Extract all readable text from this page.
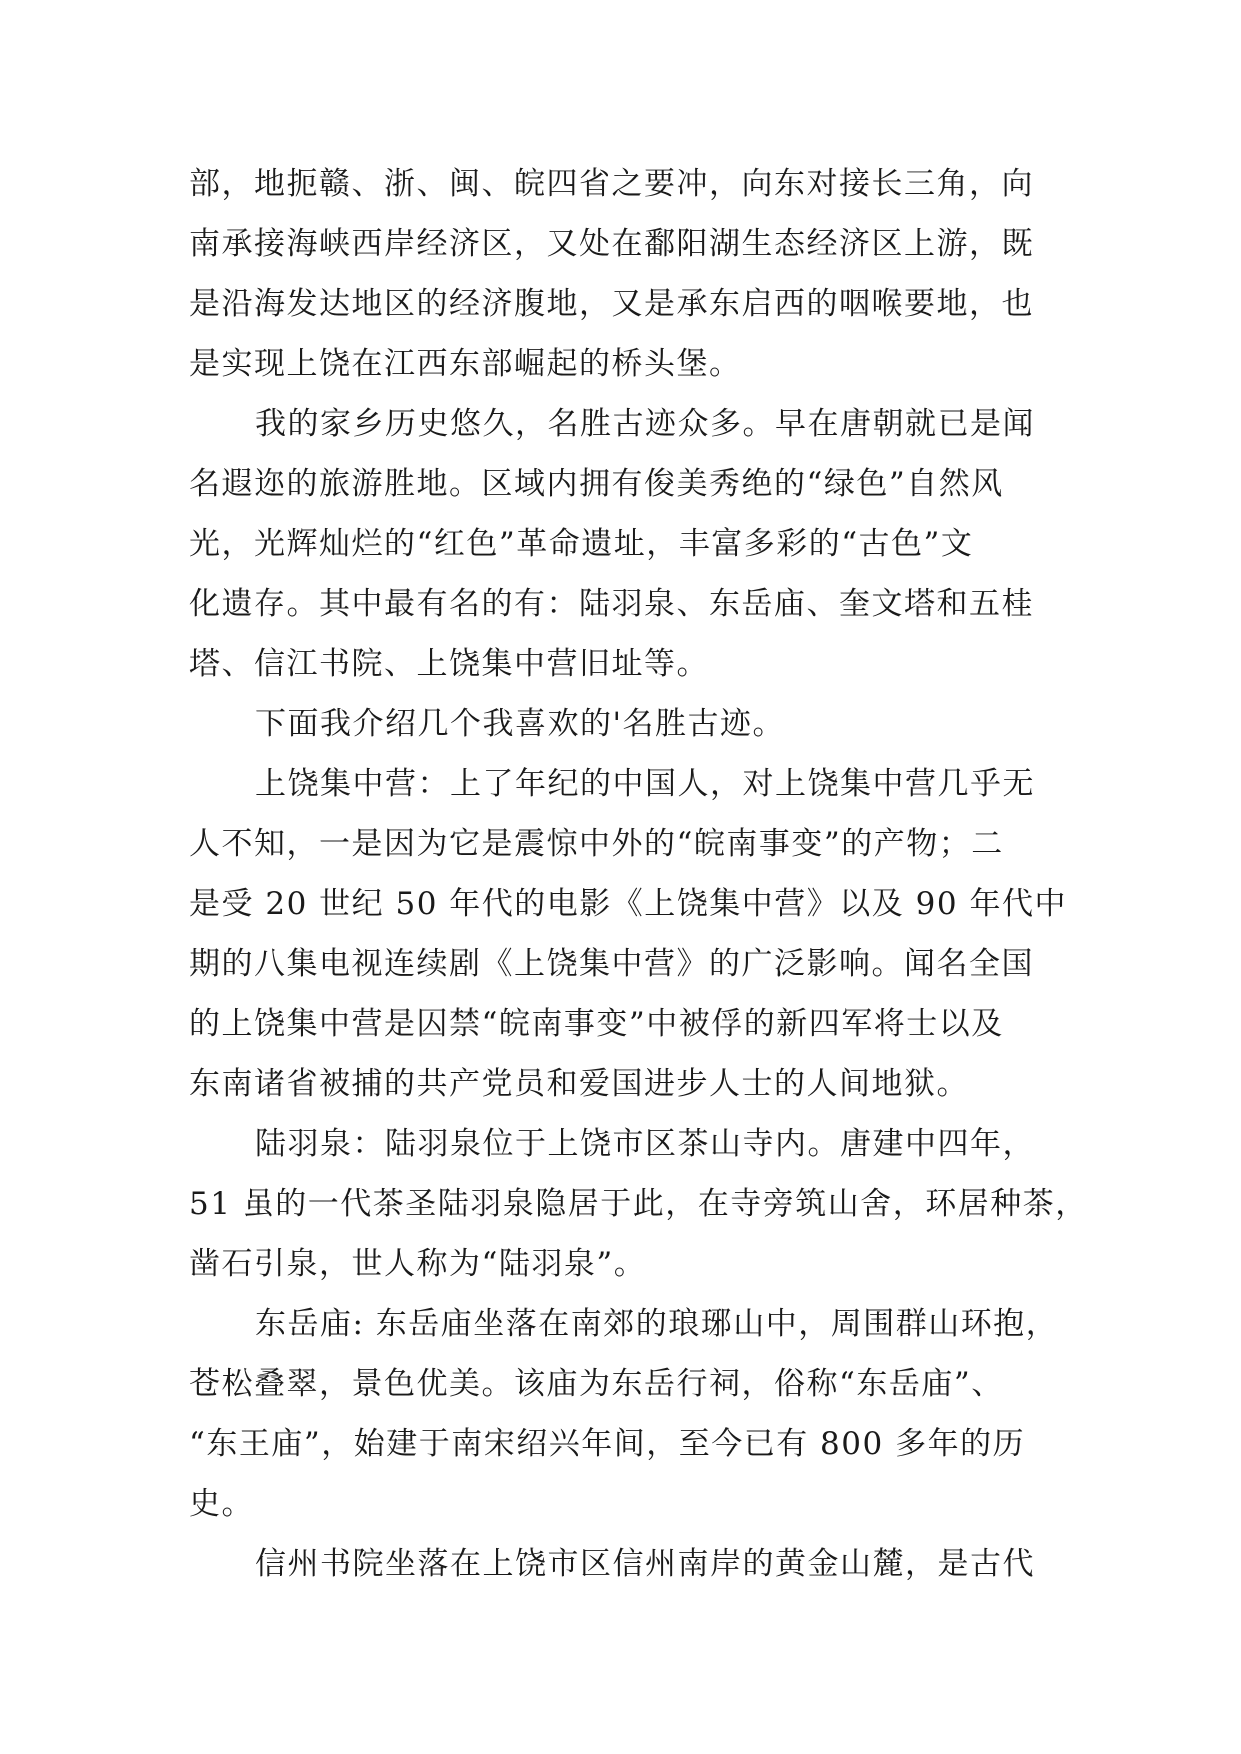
部，地扼赣、浙、闽、皖四省之要冲，向东对接长三角，向
南承接海峡西岸经济区，又处在鄱阳湖生态经济区上游，既
是沿海发达地区的经济腹地，又是承东启西的咽喉要地，也
是实现上饶在江西东部崛起的桥头堡。
我的家乡历史悠久，名胜古迹众多。早在唐朝就已是闻
名遐迩的旅游胜地。区域内拥有俊美秀绝的“绿色”自然风
光，光辉灿烂的“红色”革命遗址，丰富多彩的“古色”文
化遗存。其中最有名的有：陆羽泉、东岳庙、奎文塔和五桂
塔、信江书院、上饶集中营旧址等。
下面我介绍几个我喜欢的'名胜古迹。
上饶集中营：上了年纪的中国人，对上饶集中营几乎无
人不知，一是因为它是震惊中外的“皖南事变”的产物；二
是受 20 世纪 50 年代的电影《上饶集中营》以及 90 年代中
期的八集电视连续剧《上饶集中营》的广泛影响。闻名全国
的上饶集中营是囚禁“皖南事变”中被俘的新四军将士以及
东南诸省被捕的共产党员和爱国进步人士的人间地狱。
陆羽泉：陆羽泉位于上饶市区茶山寺内。唐建中四年，
51 虽的一代茶圣陆羽泉隐居于此，在寺旁筑山舍，环居种茶，
凿石引泉，世人称为“陆羽泉”。
东岳庙: 东岳庙坐落在南郊的琅琊山中，周围群山环抱，
苍松叠翠，景色优美。该庙为东岳行祠，俗称“东岳庙”、
“东王庙”，始建于南宋绍兴年间，至今已有 800 多年的历
史。
信州书院坐落在上饶市区信州南岸的黄金山麓，是古代
